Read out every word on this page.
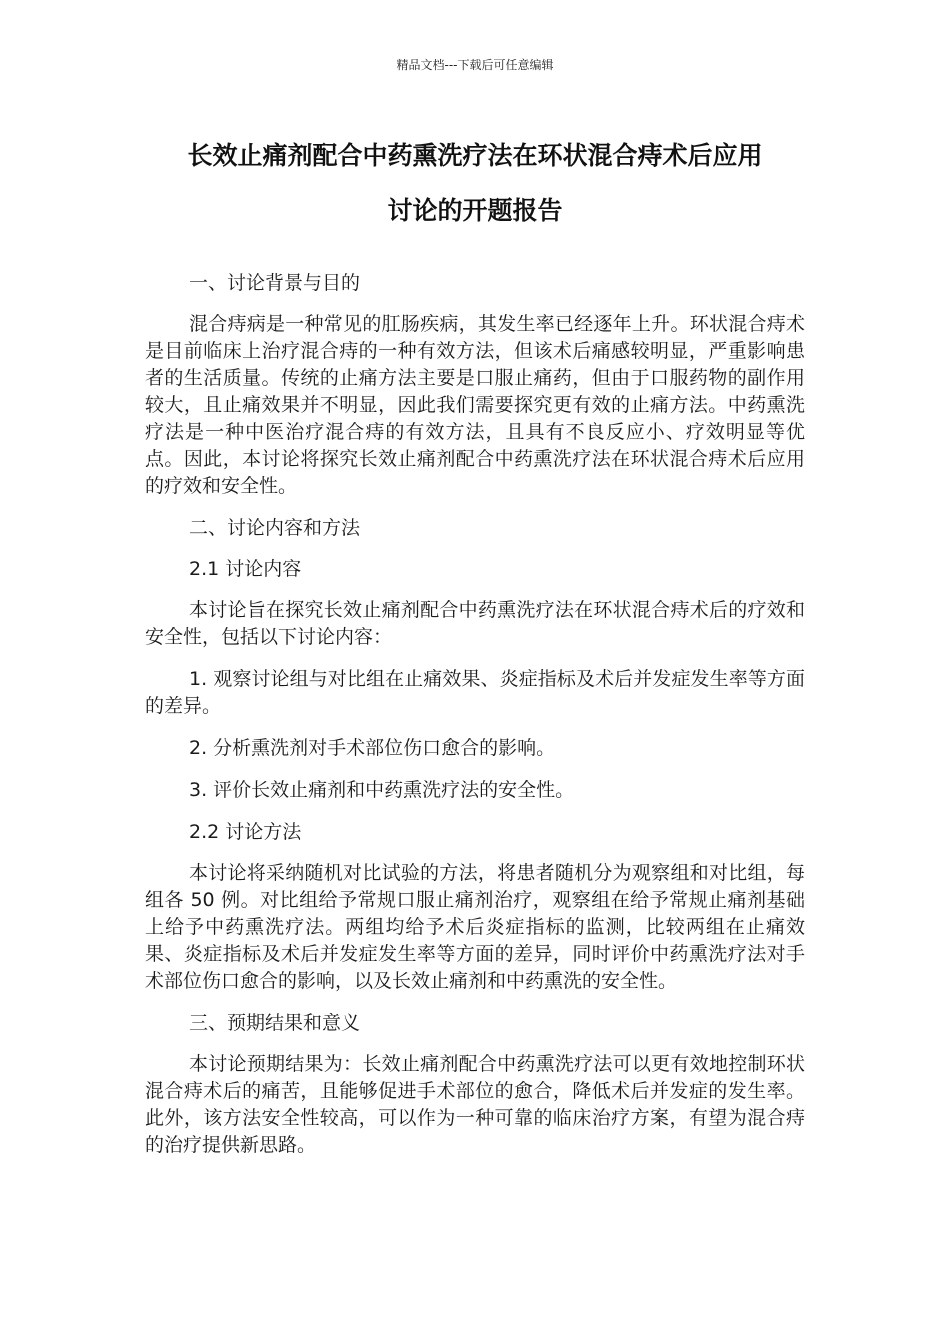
精品文档---下载后可任意编辑
长效止痛剂配合中药熏洗疗法在环状混合痔术后应用
讨论的开题报告

一、讨论背景与目的

混合痔病是一种常见的肛肠疾病，其发生率已经逐年上升。环状混合痔术是目前临床上治疗混合痔的一种有效方法，但该术后痛感较明显，严重影响患者的生活质量。传统的止痛方法主要是口服止痛药，但由于口服药物的副作用较大，且止痛效果并不明显，因此我们需要探究更有效的止痛方法。中药熏洗疗法是一种中医治疗混合痔的有效方法，且具有不良反应小、疗效明显等优点。因此，本讨论将探究长效止痛剂配合中药熏洗疗法在环状混合痔术后应用的疗效和安全性。

二、讨论内容和方法

2.1 讨论内容

本讨论旨在探究长效止痛剂配合中药熏洗疗法在环状混合痔术后的疗效和安全性，包括以下讨论内容：

1. 观察讨论组与对比组在止痛效果、炎症指标及术后并发症发生率等方面的差异。

2. 分析熏洗剂对手术部位伤口愈合的影响。

3. 评价长效止痛剂和中药熏洗疗法的安全性。

2.2 讨论方法

本讨论将采纳随机对比试验的方法，将患者随机分为观察组和对比组，每组各 50 例。对比组给予常规口服止痛剂治疗，观察组在给予常规止痛剂基础上给予中药熏洗疗法。两组均给予术后炎症指标的监测，比较两组在止痛效果、炎症指标及术后并发症发生率等方面的差异，同时评价中药熏洗疗法对手术部位伤口愈合的影响，以及长效止痛剂和中药熏洗的安全性。

三、预期结果和意义

本讨论预期结果为：长效止痛剂配合中药熏洗疗法可以更有效地控制环状混合痔术后的痛苦，且能够促进手术部位的愈合，降低术后并发症的发生率。此外，该方法安全性较高，可以作为一种可靠的临床治疗方案，有望为混合痔的治疗提供新思路。
